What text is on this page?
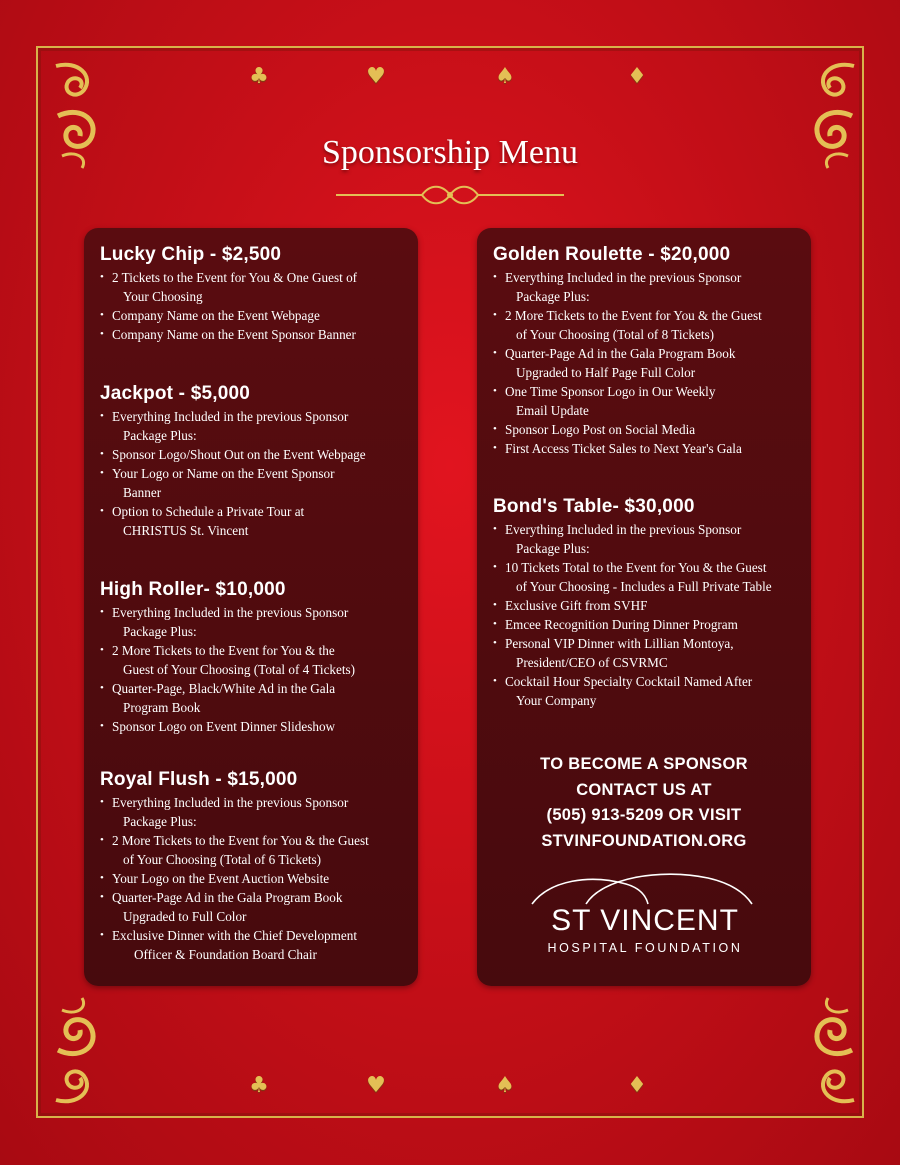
♣	♥	♠	♦
♣	♥	♠	♦
Sponsorship Menu
Lucky Chip - $2,500
• 2 Tickets to the Event for You & One Guest of
Your Choosing
• Company Name on the Event Webpage
• Company Name on the Event Sponsor Banner
Jackpot - $5,000
• Everything Included in the previous Sponsor
Package Plus:
• Sponsor Logo/Shout Out on the Event Webpage
• Your Logo or Name on the Event Sponsor
Banner
• Option to Schedule a Private Tour at
CHRISTUS St. Vincent
High Roller- $10,000
• Everything Included in the previous Sponsor
Package Plus:
• 2 More Tickets to the Event for You & the
Guest of Your Choosing (Total of 4 Tickets)
• Quarter-Page, Black/White Ad in the Gala
Program Book
• Sponsor Logo on Event Dinner Slideshow
Royal Flush - $15,000
• Everything Included in the previous Sponsor
Package Plus:
• 2 More Tickets to the Event for You & the Guest
of Your Choosing (Total of 6 Tickets)
• Your Logo on the Event Auction Website
• Quarter-Page Ad in the Gala Program Book
Upgraded to Full Color
• Exclusive Dinner with the Chief Development
Officer & Foundation Board Chair
Golden Roulette - $20,000
• Everything Included in the previous Sponsor
Package Plus:
• 2 More Tickets to the Event for You & the Guest
of Your Choosing (Total of 8 Tickets)
• Quarter-Page Ad in the Gala Program Book
Upgraded to Half Page Full Color
• One Time Sponsor Logo in Our Weekly
Email Update
• Sponsor Logo Post on Social Media
• First Access Ticket Sales to Next Year's Gala
Bond's Table- $30,000
• Everything Included in the previous Sponsor
Package Plus:
• 10 Tickets Total to the Event for You & the Guest
of Your Choosing - Includes a Full Private Table
• Exclusive Gift from SVHF
• Emcee Recognition During Dinner Program
• Personal VIP Dinner with Lillian Montoya,
President/CEO of CSVRMC
• Cocktail Hour Specialty Cocktail Named After
Your Company
TO BECOME A SPONSOR
CONTACT US AT
(505) 913-5209 OR VISIT
STVINFOUNDATION.ORG
ST VINCENT
HOSPITAL FOUNDATION
